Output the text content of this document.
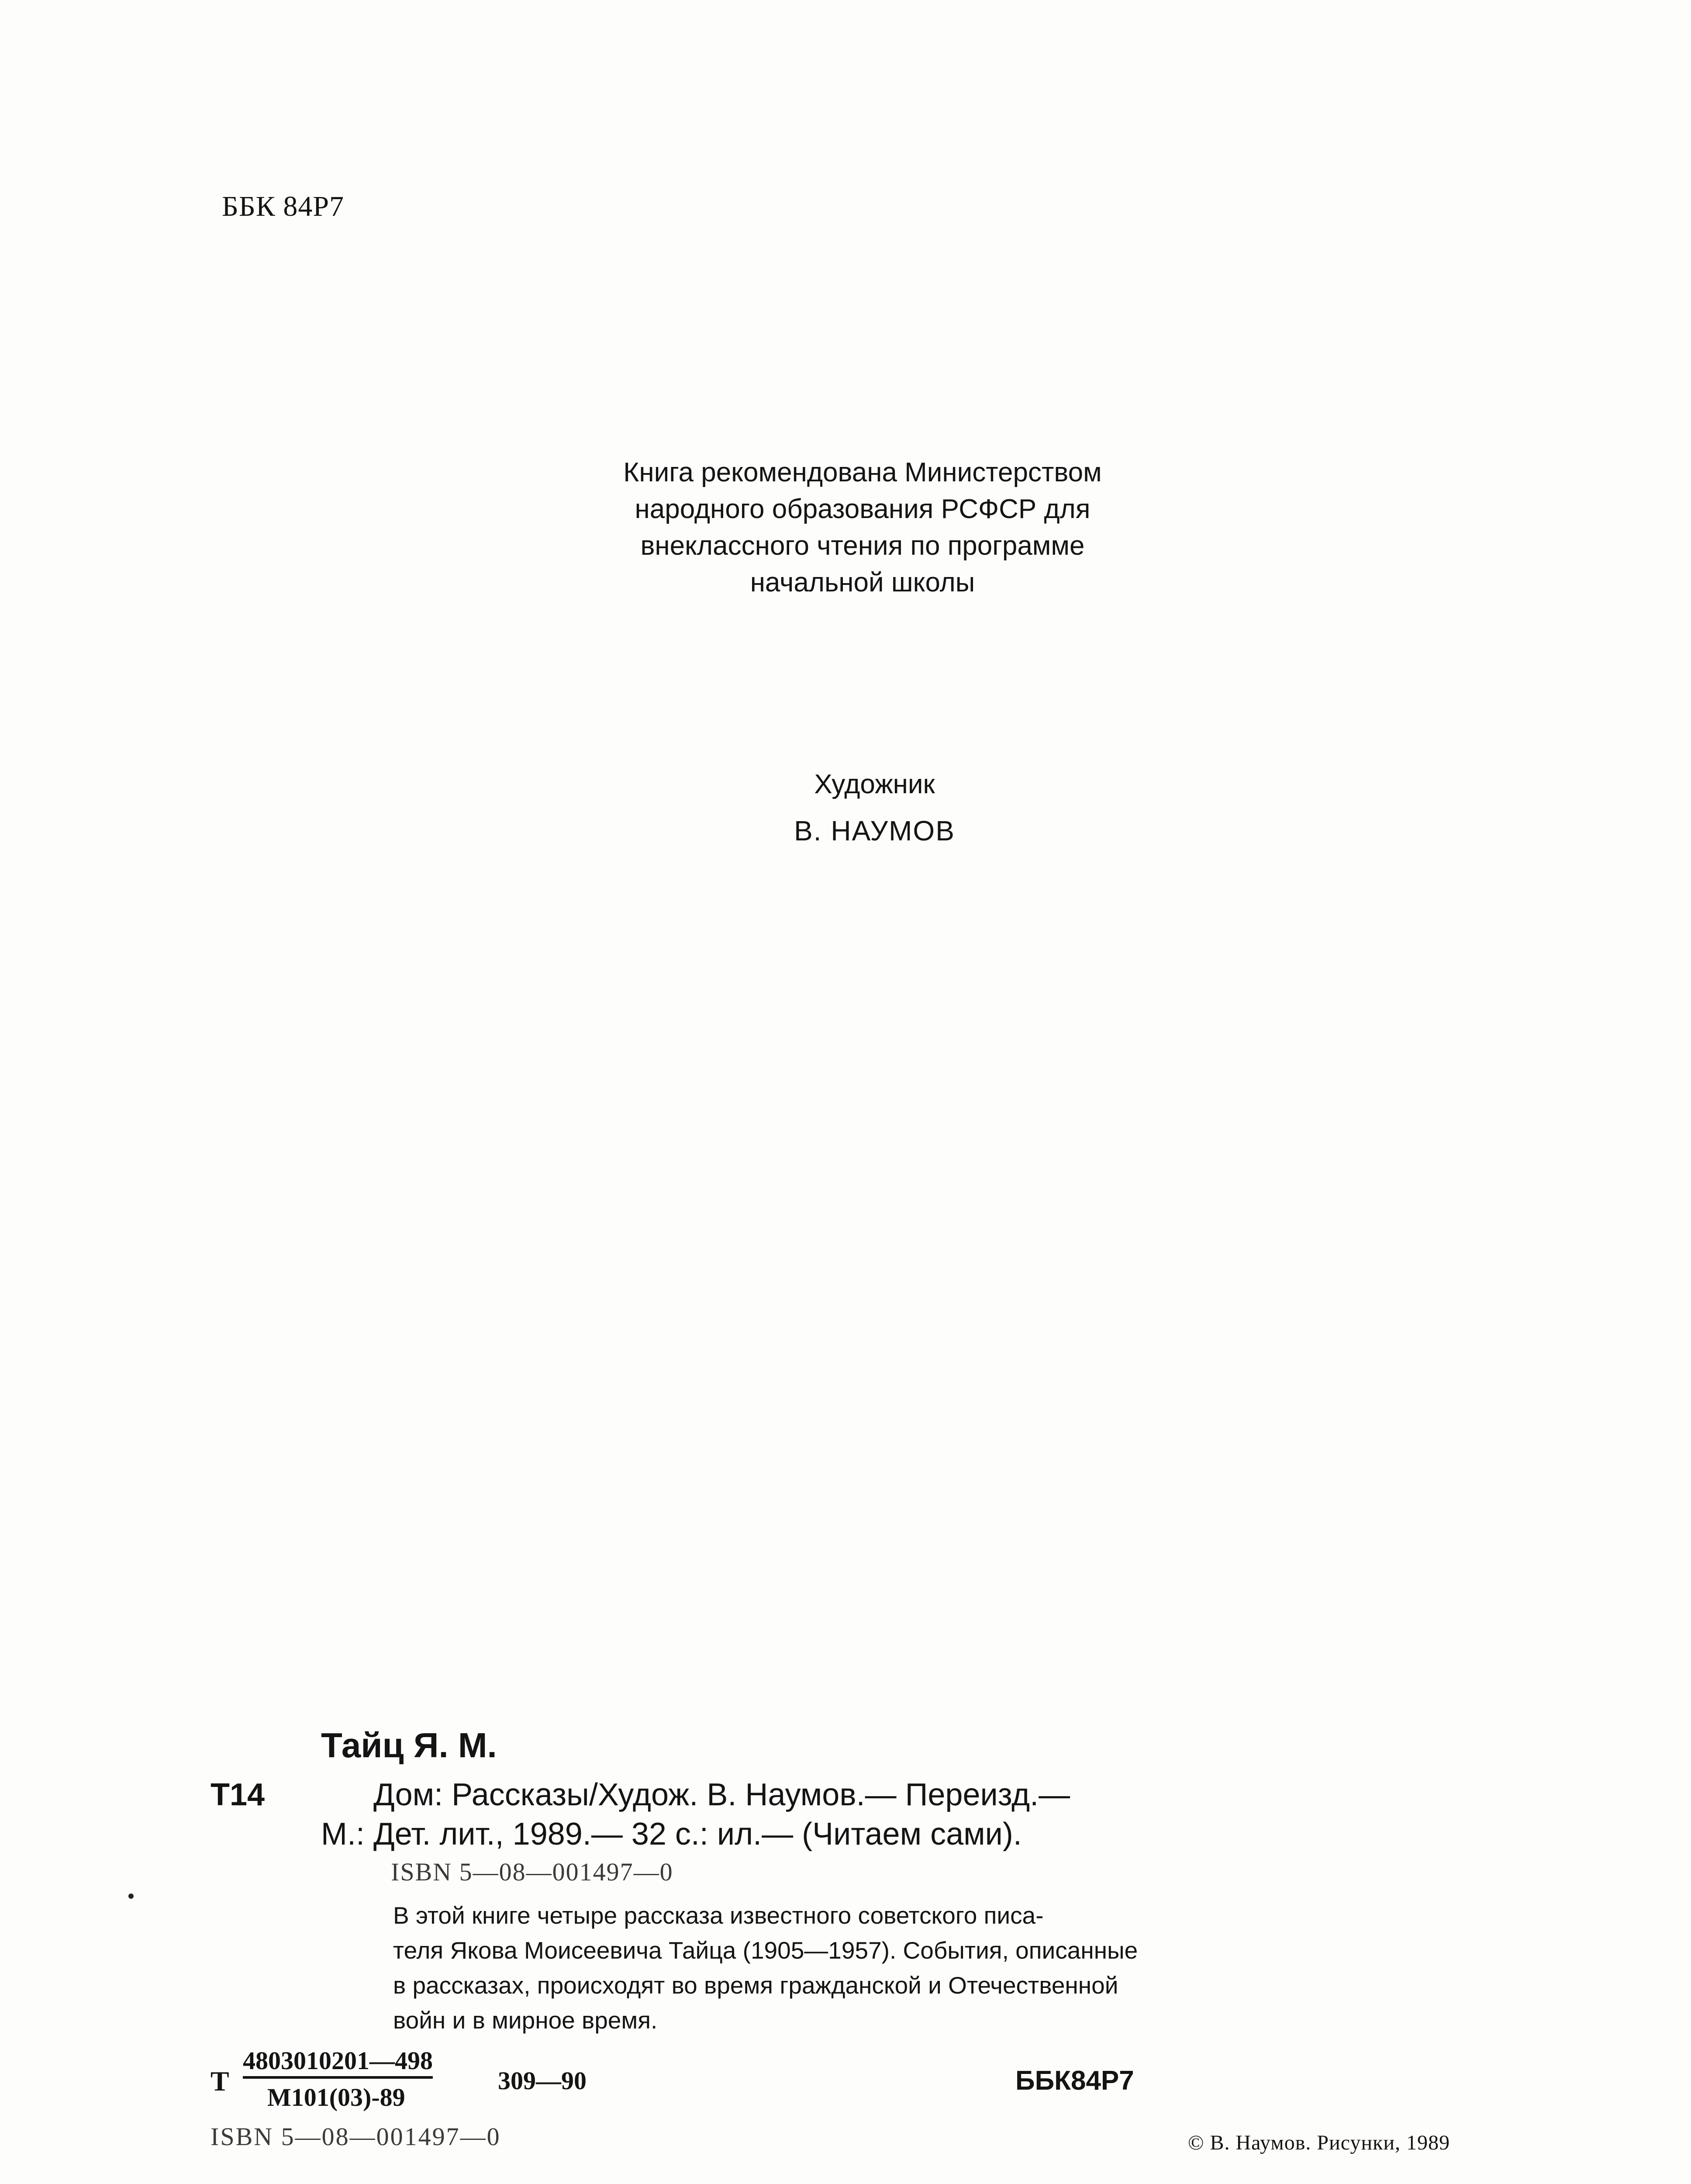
ББК 84Р7
Книга рекомендована Министерством
народного образования РСФСР для
внеклассного чтения по программе
начальной школы
Художник
В. НАУМОВ
Тайц Я. М.
Т14	Дом: Рассказы/Худож. В. Наумов.— Переизд.—
М.: Дет. лит., 1989.— 32 с.: ил.— (Читаем сами).
ISBN 5—08—001497—0
В этой книге четыре рассказа известного советского писа-
теля Якова Моисеевича Тайца (1905—1957). События, описанные
в рассказах, происходят во время гражданской и Отечественной
войн и в мирное время.
Т
4803010201—498
М101(03)-89
309—90	ББК84Р7
ISBN 5—08—001497—0	© В. Наумов. Рисунки, 1989
